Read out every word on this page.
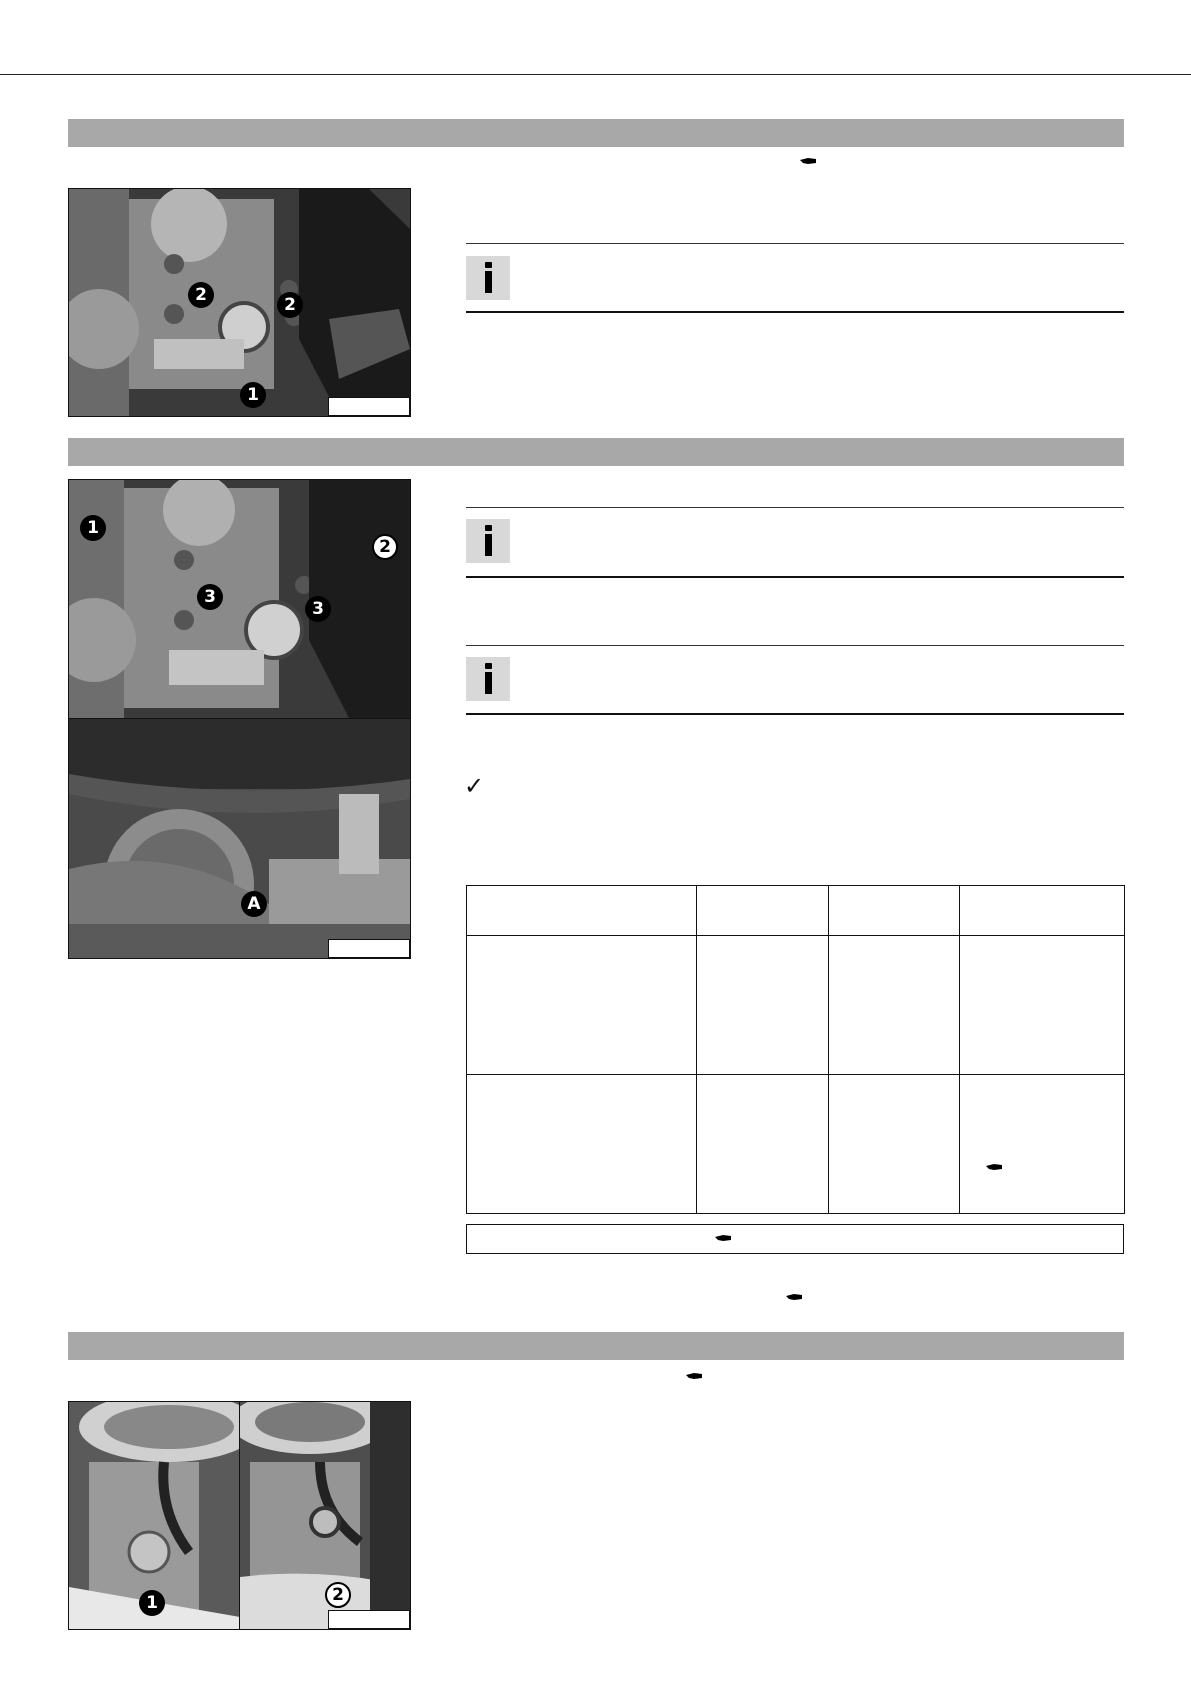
2	2
1
1
2
3
3
A
✓

1	2
